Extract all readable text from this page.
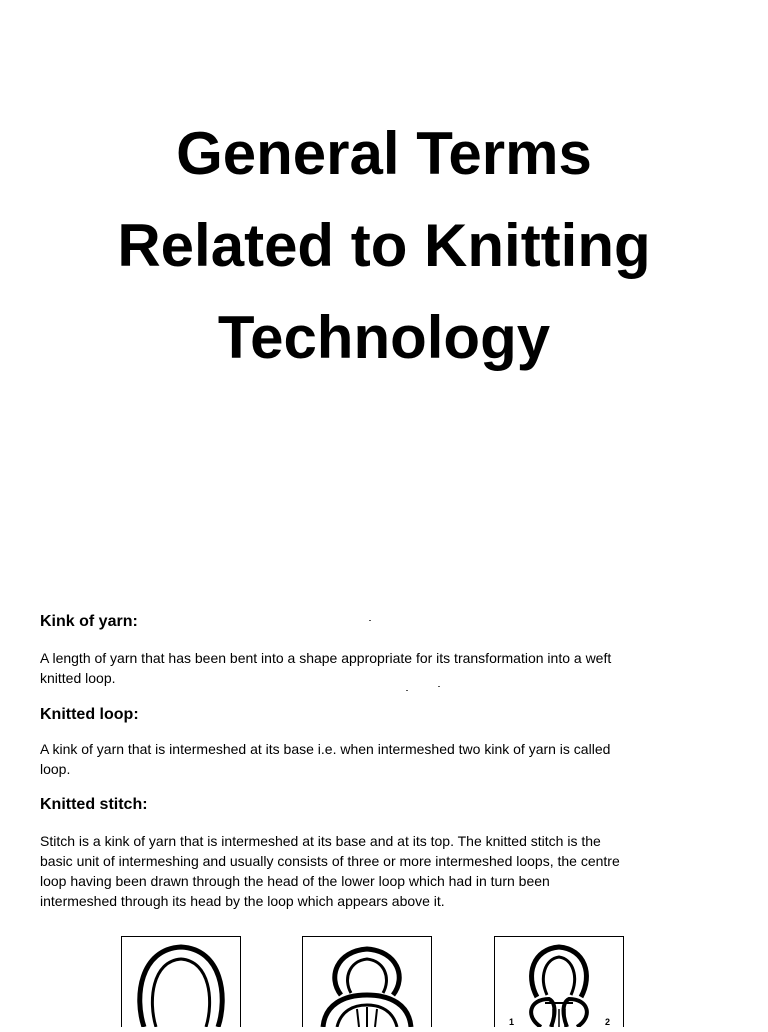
General Terms
Related to Knitting
Technology
Kink of yarn:
A length of yarn that has been bent into a shape appropriate for its transformation into a weft
knitted loop.
Knitted loop:
A kink of yarn that is intermeshed at its base i.e. when intermeshed two kink of yarn is called
loop.
Knitted stitch:
Stitch is a kink of yarn that is intermeshed at its base and at its top. The knitted stitch is the
basic unit of intermeshing and usually consists of three or more intermeshed loops, the centre
loop having been drawn through the head of the lower loop which had in turn been
intermeshed through its head by the loop which appears above it.
1	2
